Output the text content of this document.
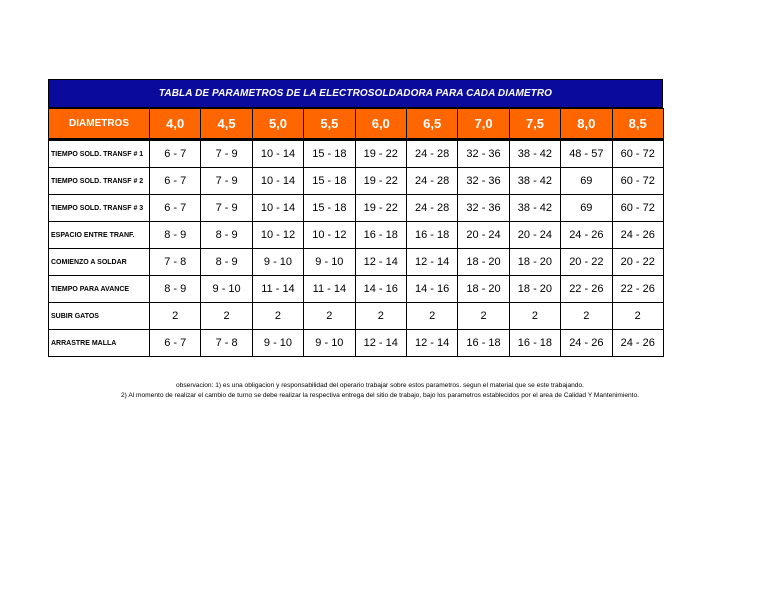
TABLA DE PARAMETROS DE LA ELECTROSOLDADORA PARA CADA DIAMETRO
DIAMETROS	4,0	4,5	5,0	5,5	6,0	6,5	7,0	7,5	8,0	8,5
TIEMPO SOLD. TRANSF # 1	6 - 7	7 - 9	10 - 14	15 - 18	19 - 22	24 - 28	32 - 36	38 - 42	48 - 57	60 - 72
TIEMPO SOLD. TRANSF # 2	6 - 7	7 - 9	10 - 14	15 - 18	19 - 22	24 - 28	32 - 36	38 - 42	69	60 - 72
TIEMPO SOLD. TRANSF # 3	6 - 7	7 - 9	10 - 14	15 - 18	19 - 22	24 - 28	32 - 36	38 - 42	69	60 - 72
ESPACIO ENTRE TRANF.	8 - 9	8 - 9	10 - 12	10 - 12	16 - 18	16 - 18	20 - 24	20 - 24	24 - 26	24 - 26
COMIENZO A SOLDAR	7 - 8	8 - 9	9 - 10	9 - 10	12 - 14	12 - 14	18 - 20	18 - 20	20 - 22	20 - 22
TIEMPO PARA AVANCE	8 - 9	9 - 10	11 - 14	11 - 14	14 - 16	14 - 16	18 - 20	18 - 20	22 - 26	22 - 26
SUBIR GATOS	2	2	2	2	2	2	2	2	2	2
ARRASTRE MALLA	6 - 7	7 - 8	9 - 10	9 - 10	12 - 14	12 - 14	16 - 18	16 - 18	24 - 26	24 - 26
observacion: 1) es una obligacion y responsabilidad del operario trabajar sobre estos parametros. segun el material que se este trabajando.
2) Al momento de realizar el cambio de turno se debe realizar la respectiva entrega del sitio de trabajo, bajo los parametros establecidos por el area de Calidad Y Mantenimiento.
